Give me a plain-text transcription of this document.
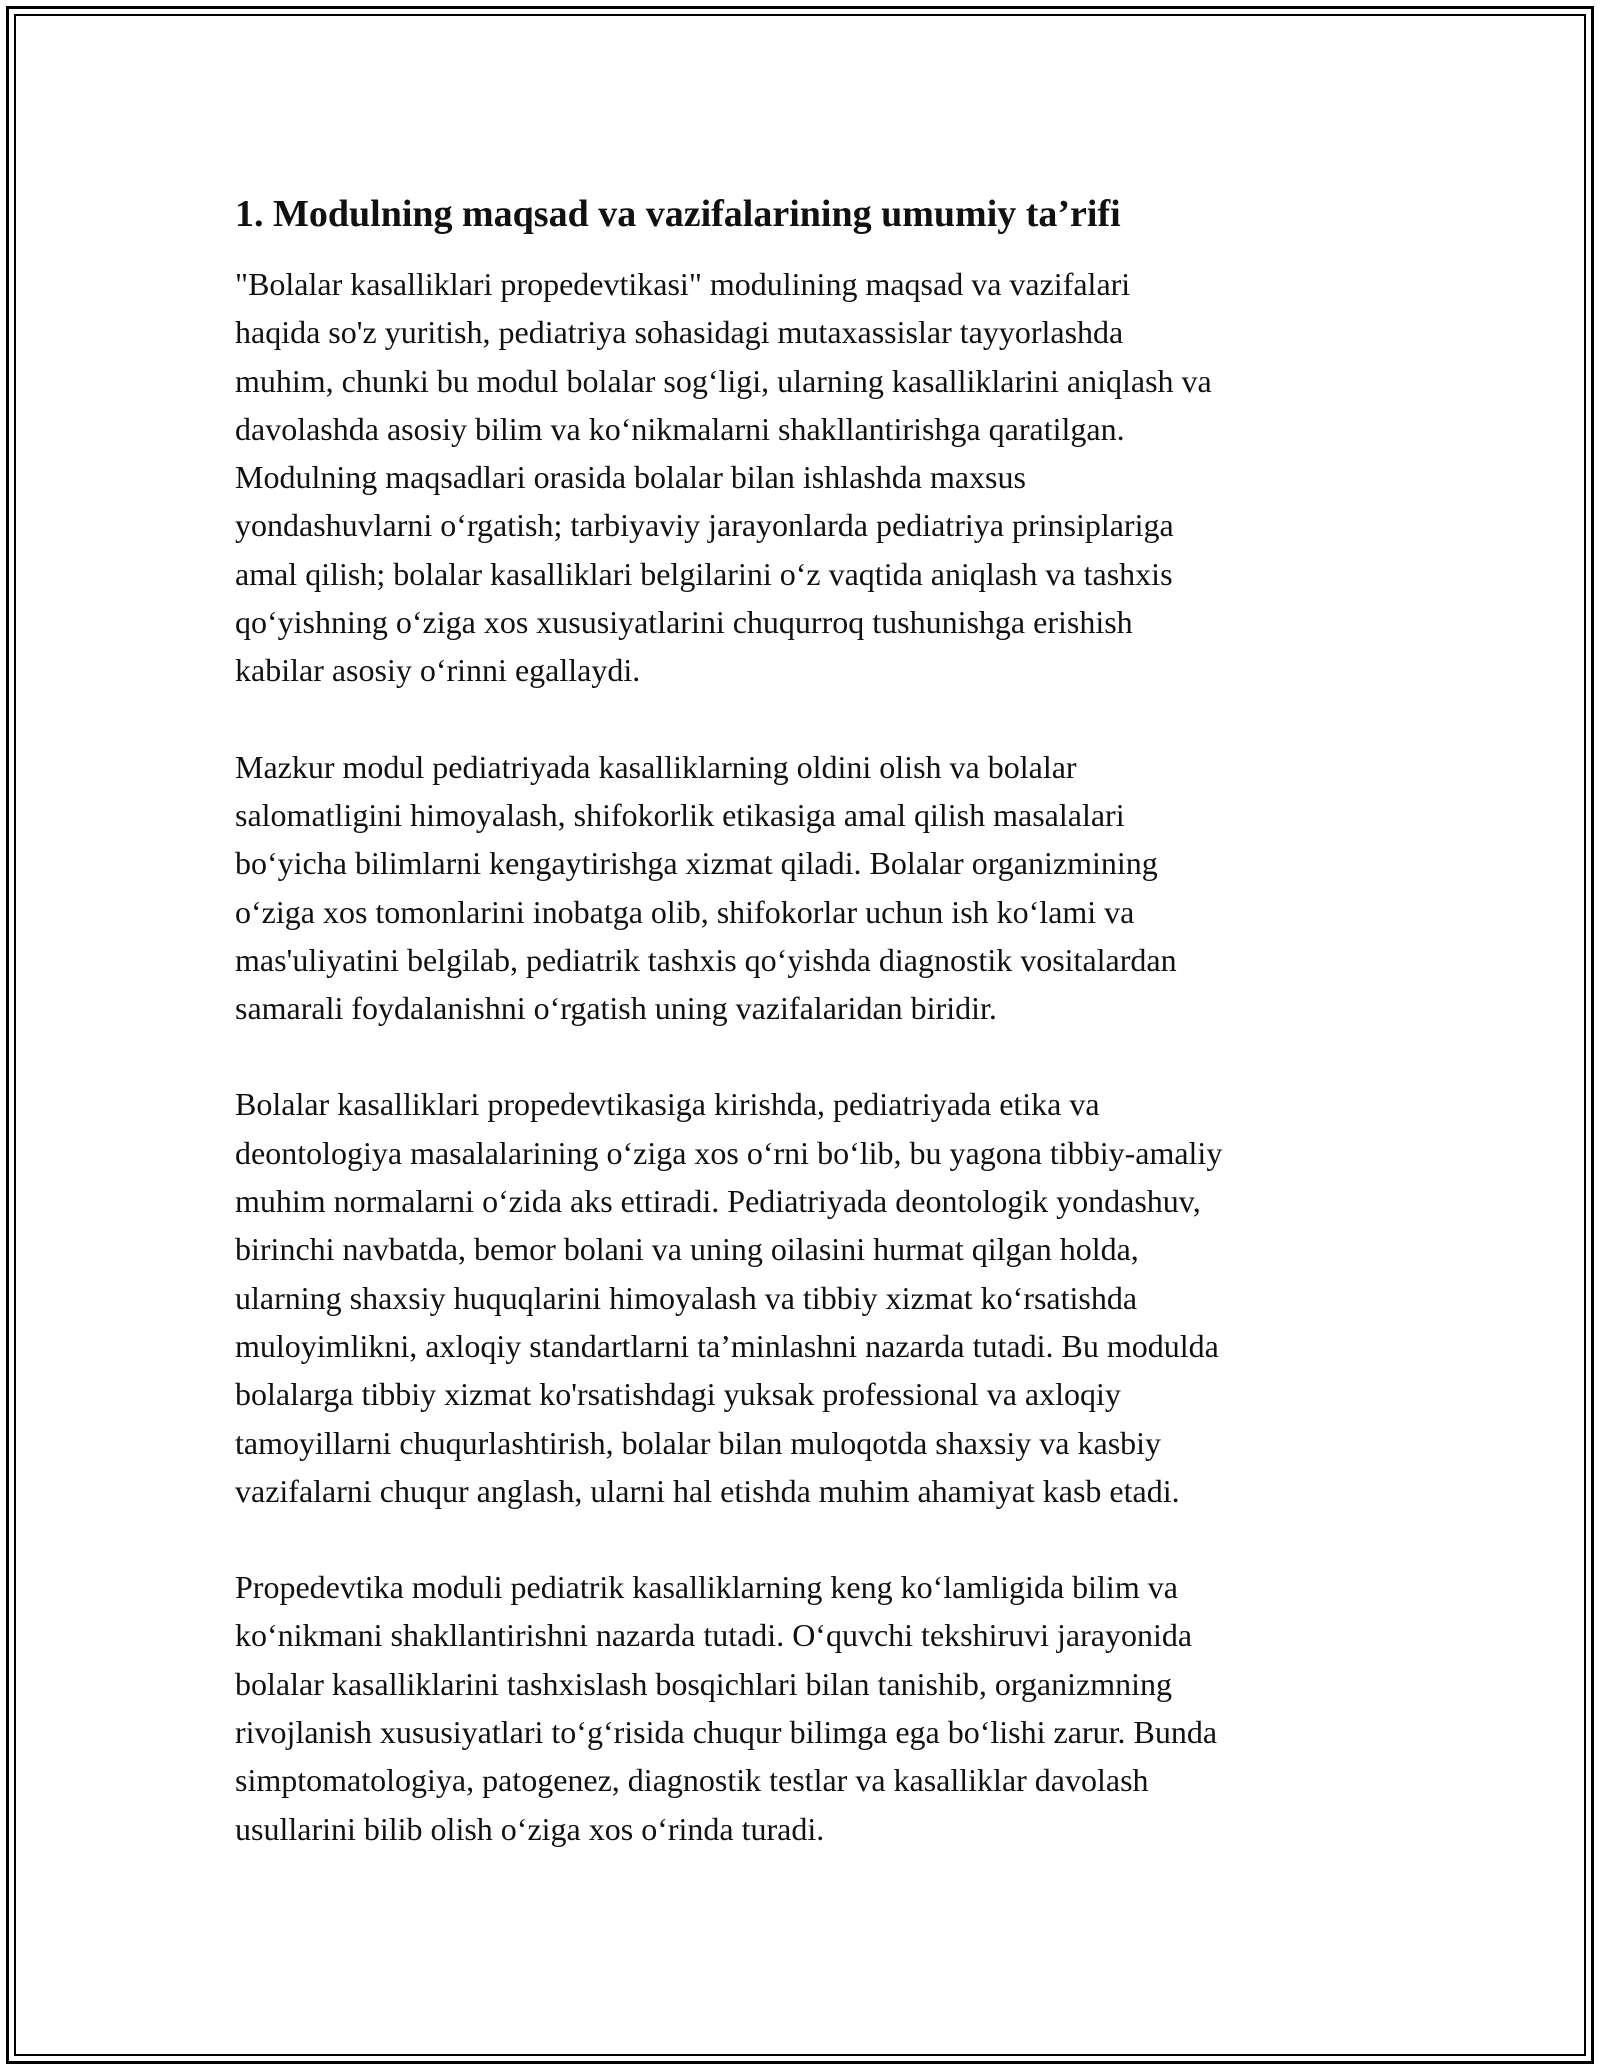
1. Modulning maqsad va vazifalarining umumiy ta’rifi

"Bolalar kasalliklari propedevtikasi" modulining maqsad va vazifalari
haqida so'z yuritish, pediatriya sohasidagi mutaxassislar tayyorlashda
muhim, chunki bu modul bolalar sog‘ligi, ularning kasalliklarini aniqlash va
davolashda asosiy bilim va ko‘nikmalarni shakllantirishga qaratilgan.
Modulning maqsadlari orasida bolalar bilan ishlashda maxsus
yondashuvlarni o‘rgatish; tarbiyaviy jarayonlarda pediatriya prinsiplariga
amal qilish; bolalar kasalliklari belgilarini o‘z vaqtida aniqlash va tashxis
qo‘yishning o‘ziga xos xususiyatlarini chuqurroq tushunishga erishish
kabilar asosiy o‘rinni egallaydi.

Mazkur modul pediatriyada kasalliklarning oldini olish va bolalar
salomatligini himoyalash, shifokorlik etikasiga amal qilish masalalari
bo‘yicha bilimlarni kengaytirishga xizmat qiladi. Bolalar organizmining
o‘ziga xos tomonlarini inobatga olib, shifokorlar uchun ish ko‘lami va
mas'uliyatini belgilab, pediatrik tashxis qo‘yishda diagnostik vositalardan
samarali foydalanishni o‘rgatish uning vazifalaridan biridir.

Bolalar kasalliklari propedevtikasiga kirishda, pediatriyada etika va
deontologiya masalalarining o‘ziga xos o‘rni bo‘lib, bu yagona tibbiy-amaliy
muhim normalarni o‘zida aks ettiradi. Pediatriyada deontologik yondashuv,
birinchi navbatda, bemor bolani va uning oilasini hurmat qilgan holda,
ularning shaxsiy huquqlarini himoyalash va tibbiy xizmat ko‘rsatishda
muloyimlikni, axloqiy standartlarni ta’minlashni nazarda tutadi. Bu modulda
bolalarga tibbiy xizmat ko'rsatishdagi yuksak professional va axloqiy
tamoyillarni chuqurlashtirish, bolalar bilan muloqotda shaxsiy va kasbiy
vazifalarni chuqur anglash, ularni hal etishda muhim ahamiyat kasb etadi.

Propedevtika moduli pediatrik kasalliklarning keng ko‘lamligida bilim va
ko‘nikmani shakllantirishni nazarda tutadi. O‘quvchi tekshiruvi jarayonida
bolalar kasalliklarini tashxislash bosqichlari bilan tanishib, organizmning
rivojlanish xususiyatlari to‘g‘risida chuqur bilimga ega bo‘lishi zarur. Bunda
simptomatologiya, patogenez, diagnostik testlar va kasalliklar davolash
usullarini bilib olish o‘ziga xos o‘rinda turadi.
